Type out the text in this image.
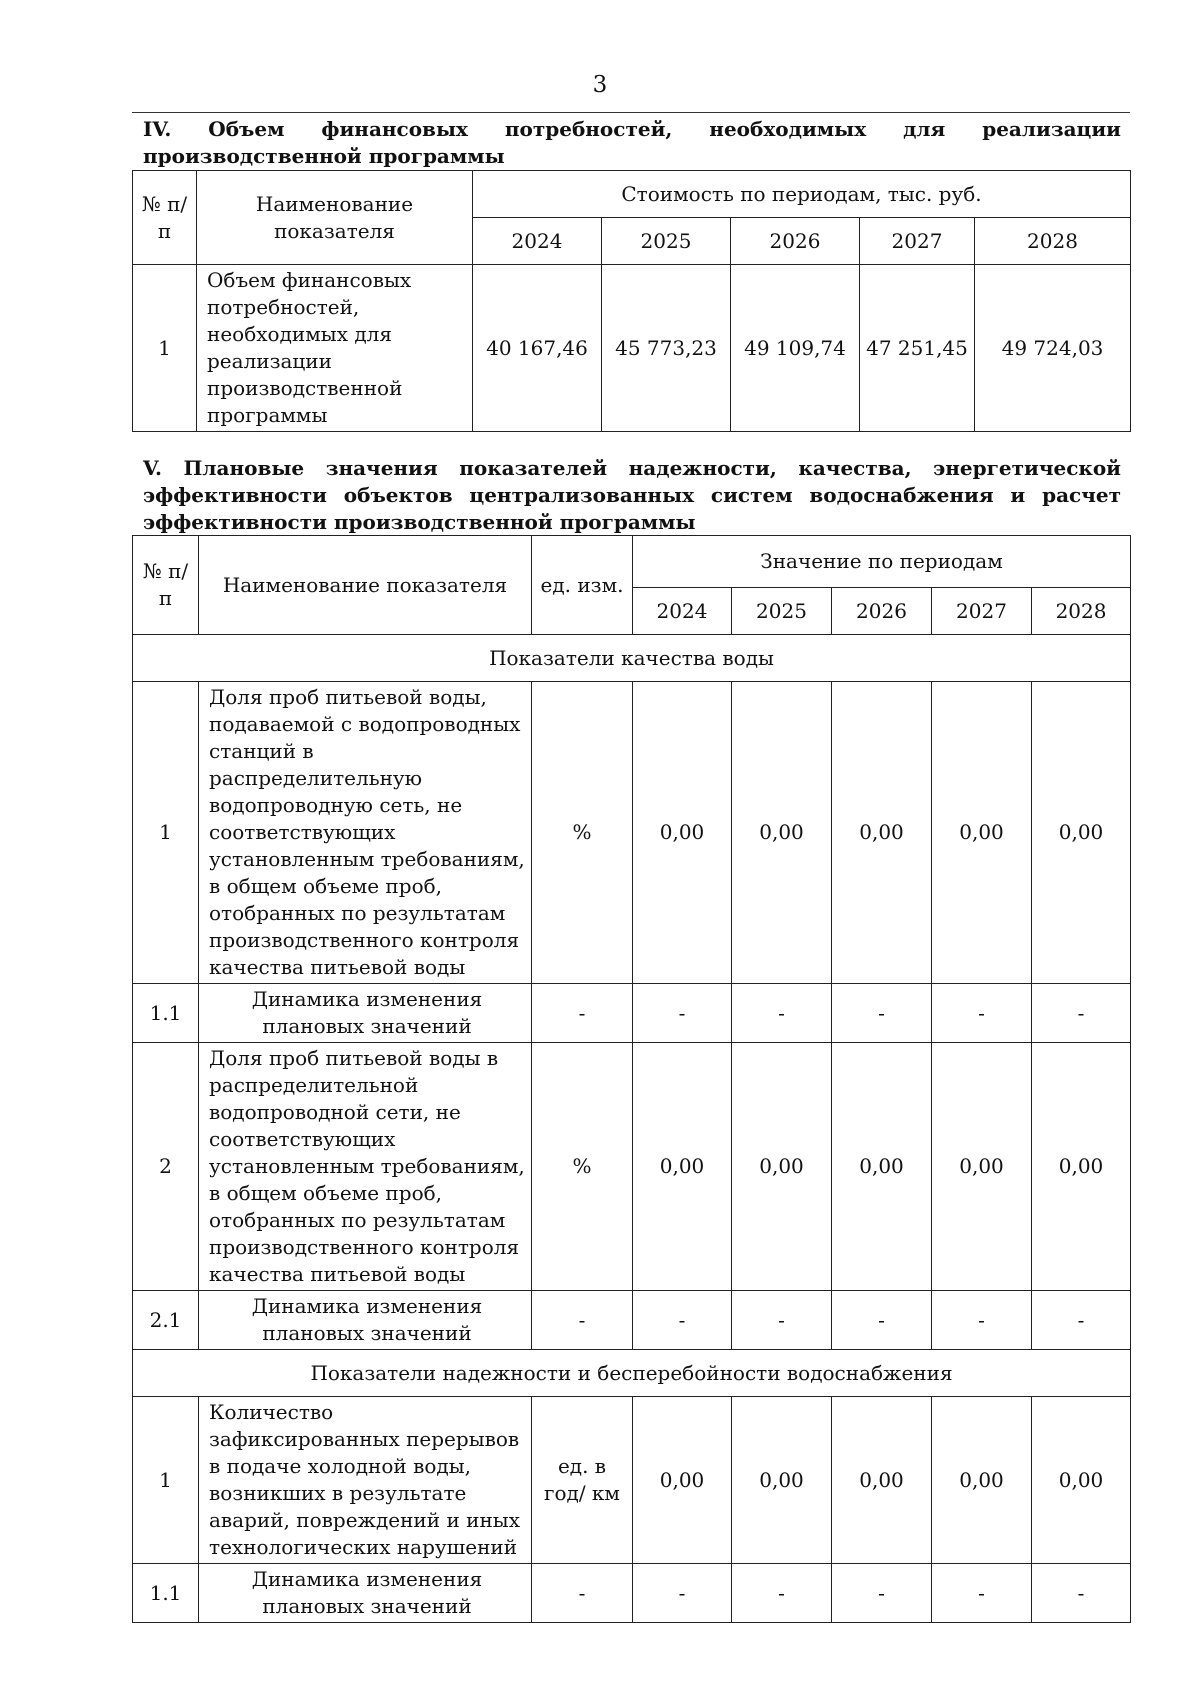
3
IV. Объем финансовых потребностей, необходимых для реализации производственной программы
№ п/п	Наименование показателя	Стоимость по периодам, тыс. руб.				
		2024	2025	2026	2027	2028
1	Объем финансовых потребностей, необходимых для реализации производственной программы	40 167,46	45 773,23	49 109,74	47 251,45	49 724,03
V. Плановые значения показателей надежности, качества, энергетической эффективности объектов централизованных систем водоснабжения и расчет эффективности производственной программы
№ п/п	Наименование показателя	ед. изм.	Значение по периодам				
			2024	2025	2026	2027	2028
Показатели качества воды							
1	Доля проб питьевой воды, подаваемой с водопроводных станций в распределительную водопроводную сеть, не соответствующих установленным требованиям, в общем объеме проб, отобранных по результатам производственного контроля качества питьевой воды	%	0,00	0,00	0,00	0,00	0,00
1.1	Динамика изменения плановых значений	-	-	-	-	-	-
2	Доля проб питьевой воды в распределительной водопроводной сети, не соответствующих установленным требованиям, в общем объеме проб, отобранных по результатам производственного контроля качества питьевой воды	%	0,00	0,00	0,00	0,00	0,00
2.1	Динамика изменения плановых значений	-	-	-	-	-	-
Показатели надежности и бесперебойности водоснабжения							
1	Количество зафиксированных перерывов в подаче холодной воды, возникших в результате аварий, повреждений и иных технологических нарушений	ед. в год/ км	0,00	0,00	0,00	0,00	0,00
1.1	Динамика изменения плановых значений	-	-	-	-	-	-
